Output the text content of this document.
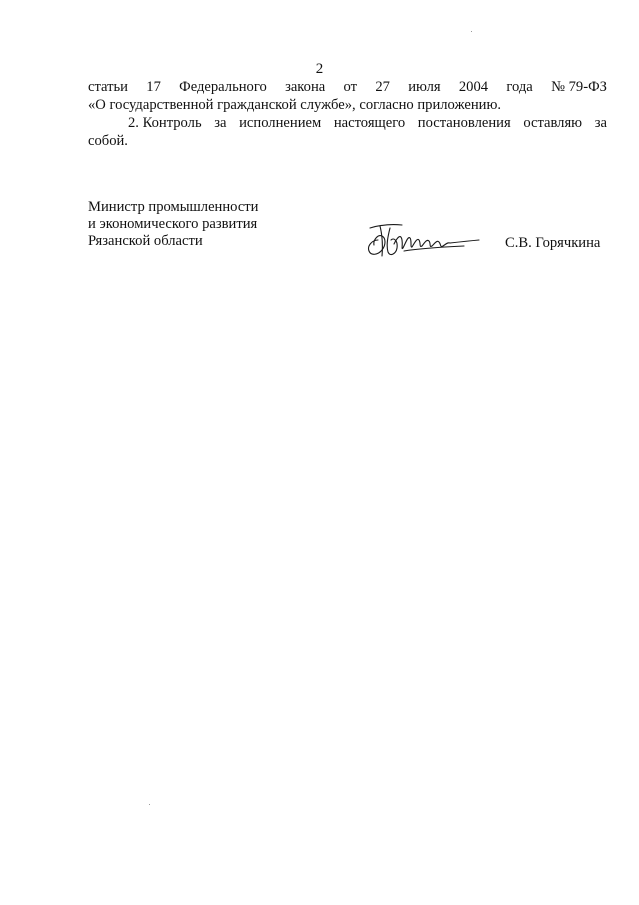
2
статьи 17 Федерального закона от 27 июля 2004 года № 79-ФЗ
«О государственной гражданской службе», согласно приложению.
2. Контроль за исполнением настоящего постановления оставляю за
собой.
Министр промышленности
и экономического развития
Рязанской области	С.В. Горячкина
